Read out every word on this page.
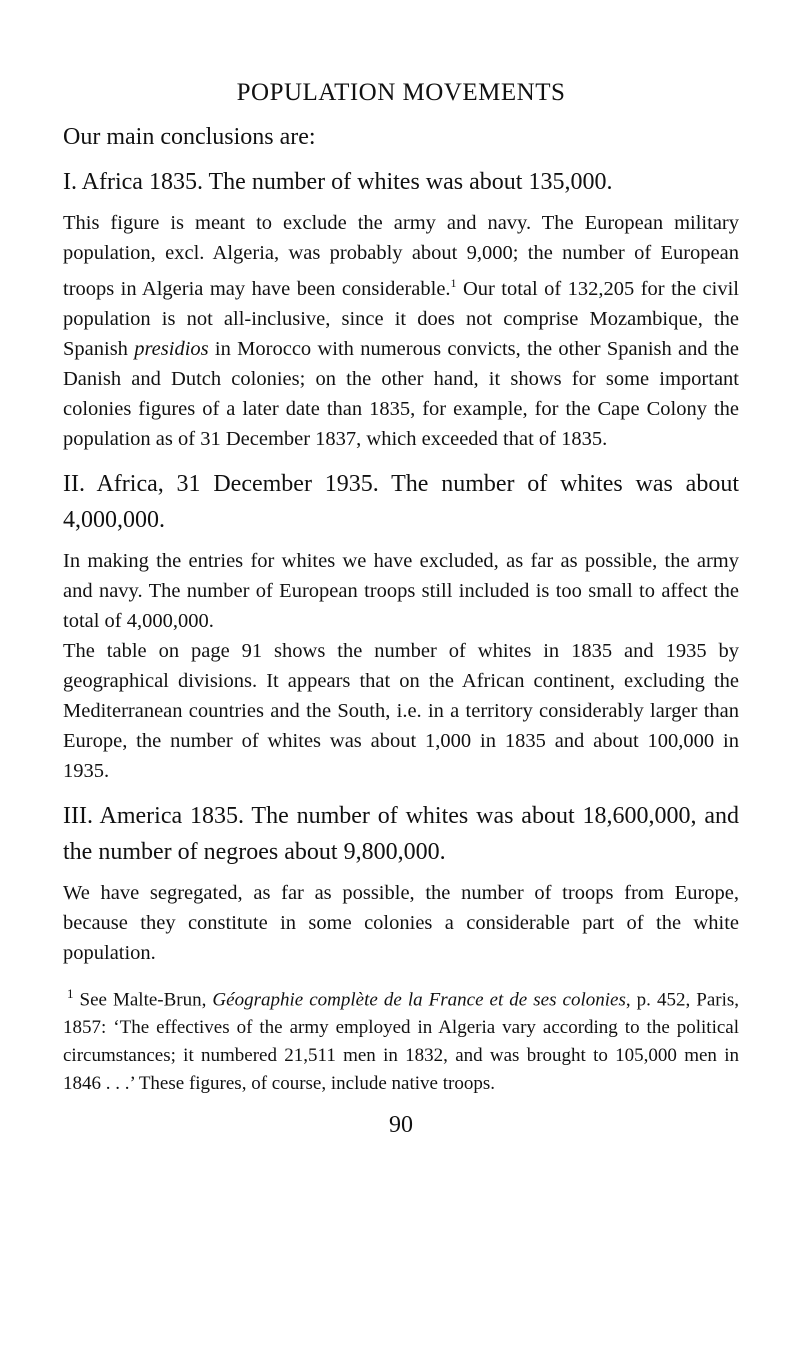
POPULATION MOVEMENTS
Our main conclusions are:
I. Africa 1835. The number of whites was about 135,000.

This figure is meant to exclude the army and navy. The European military population, excl. Algeria, was probably about 9,000; the number of European troops in Algeria may have been considerable.$^1$ Our total of 132,205 for the civil population is not all-inclusive, since it does not comprise Mozambique, the Spanish presidios in Morocco with numerous convicts, the other Spanish and the Danish and Dutch colonies; on the other hand, it shows for some important colonies figures of a later date than 1835, for example, for the Cape Colony the population as of 31 December 1837, which exceeded that of 1835.

II. Africa, 31 December 1935. The number of whites was about 4,000,000.

In making the entries for whites we have excluded, as far as possible, the army and navy. The number of European troops still included is too small to affect the total of 4,000,000.

The table on page 91 shows the number of whites in 1835 and 1935 by geographical divisions. It appears that on the African continent, excluding the Mediterranean countries and the South, i.e. in a territory considerably larger than Europe, the number of whites was about 1,000 in 1835 and about 100,000 in 1935.

III. America 1835. The number of whites was about 18,600,000, and the number of negroes about 9,800,000.

We have segregated, as far as possible, the number of troops from Europe, because they constitute in some colonies a considerable part of the white population.

$^1$ See Malte-Brun, Géographie complète de la France et de ses colonies, p. 452, Paris, 1857: ‘The effectives of the army employed in Algeria vary according to the political circumstances; it numbered 21,511 men in 1832, and was brought to 105,000 men in 1846 . . .’ These figures, of course, include native troops.

90
